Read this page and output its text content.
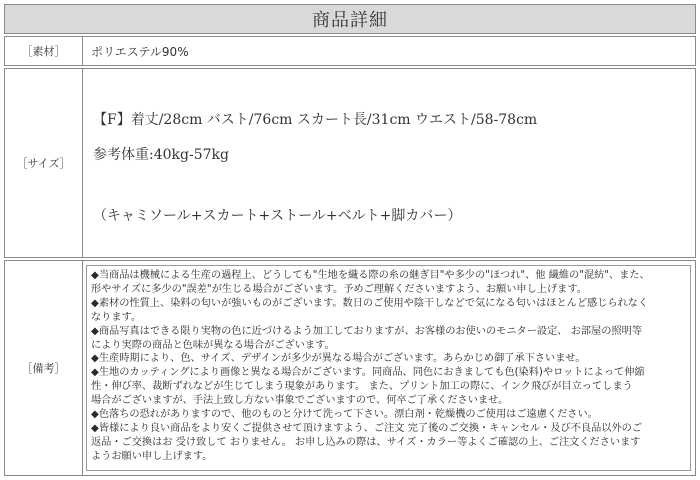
商品詳細
［素材］	ポリエステル90%
［サイズ］
【F】着丈/28cm バスト/76cm スカート長/31cm ウエスト/58-78cm
参考体重:40kg-57kg
（キャミソール+スカート+ストール+ベルト+脚カバー）
［備考］
◆当商品は機械による生産の過程上、どうしても"生地を織る際の糸の継ぎ目"や多少の"ほつれ"、他 繊維の"混紡"、また、
形やサイズに多少の"誤差"が生じる場合がございます。予めご理解くださいますよう、お願い申し上げます。
◆素材の性質上、染料の匂いが強いものがございます。数日のご使用や陰干しなどで気になる匂いはほとんど感じられなく
なります。
◆商品写真はできる限り実物の色に近づけるよう加工しておりますが、お客様のお使いのモニター設定、 お部屋の照明等
により実際の商品と色味が異なる場合がございます。
◆生産時期により、色、サイズ、デザインが多少が異なる場合がございます。あらかじめ御了承下さいませ。
◆生地のカッティングにより画像と異なる場合がございます。同商品、同色におきましても色(染料)やロットによって伸縮
性・伸び率、裁断ずれなどが生じてしまう現象があります。 また、プリント加工の際に、インク飛びが目立ってしまう
場合がございますが、手法上致し方ない事象でございますので、何卒ご了承くださいませ。
◆色落ちの恐れがありますので、他のものと分けて洗って下さい。漂白剤・乾燥機のご使用はご遠慮ください。
◆皆様により良い商品をより安くご提供させて頂けますよう、ご注文 完了後のご交換・キャンセル・及び不良品以外のご
返品・ご交換はお 受け致して おりません。 お申し込みの際は、サイズ・カラー等よくご確認の上、ご注文くださいます
ようお願い申し上げます。
